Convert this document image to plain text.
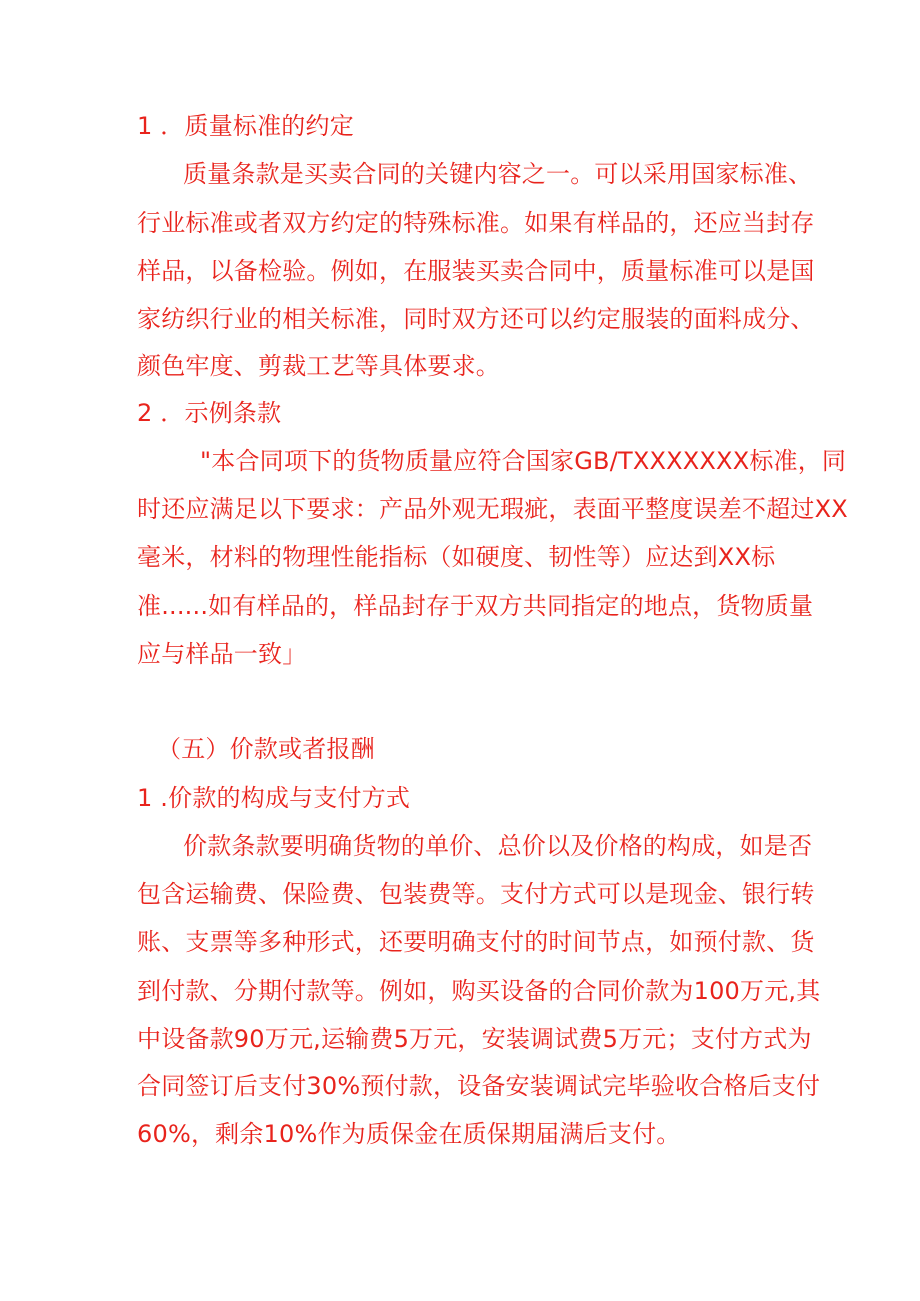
1 ．质量标准的约定
质量条款是买卖合同的关键内容之一。可以采用国家标准、
行业标准或者双方约定的特殊标准。如果有样品的，还应当封存
样品，以备检验。例如，在服装买卖合同中，质量标准可以是国
家纺织行业的相关标准，同时双方还可以约定服装的面料成分、
颜色牢度、剪裁工艺等具体要求。
2 ．示例条款
"本合同项下的货物质量应符合国家GB/TXXXXXXX标准，同
时还应满足以下要求：产品外观无瑕疵，表面平整度误差不超过XX
毫米，材料的物理性能指标（如硬度、韧性等）应达到XX标
准......如有样品的，样品封存于双方共同指定的地点，货物质量
应与样品一致」
（五）价款或者报酬
1 .价款的构成与支付方式
价款条款要明确货物的单价、总价以及价格的构成，如是否
包含运输费、保险费、包装费等。支付方式可以是现金、银行转
账、支票等多种形式，还要明确支付的时间节点，如预付款、货
到付款、分期付款等。例如，购买设备的合同价款为100万元,其
中设备款90万元,运输费5万元，安装调试费5万元；支付方式为
合同签订后支付30%预付款，设备安装调试完毕验收合格后支付
60%，剩余10%作为质保金在质保期届满后支付。
